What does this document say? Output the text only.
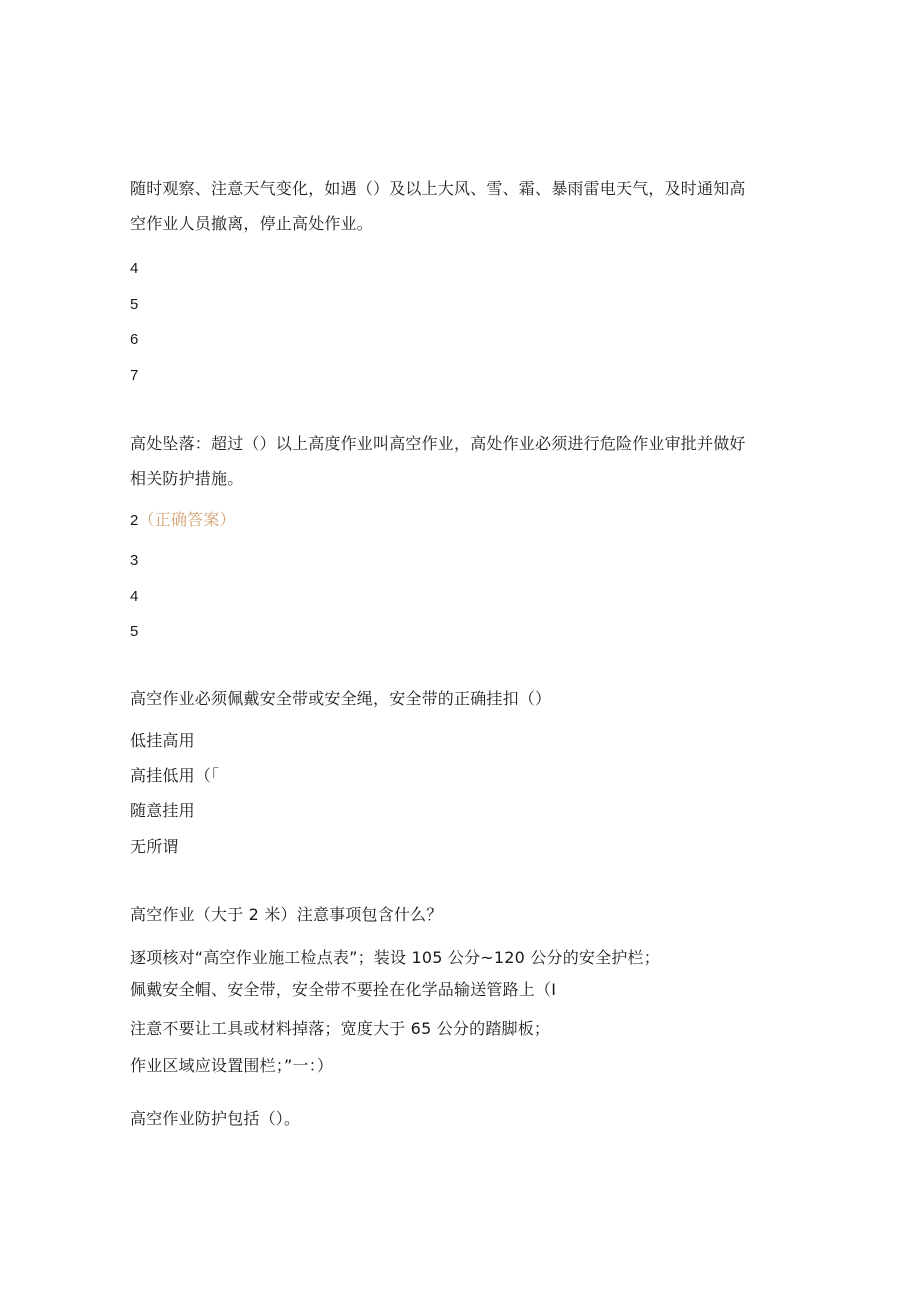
随时观察、注意天气变化，如遇（）及以上大风、雪、霜、暴雨雷电天气，及时通知高
空作业人员撤离，停止高处作业。
4
5
6
7
高处坠落：超过（）以上高度作业叫高空作业，高处作业必须进行危险作业审批并做好
相关防护措施。
2（正确答案）
3
4
5
高空作业必须佩戴安全带或安全绳，安全带的正确挂扣（）
低挂高用
高挂低用（「
随意挂用
无所谓
高空作业（大于 2 米）注意事项包含什么？
逐项核对“高空作业施工检点表”；装设 105 公分~120 公分的安全护栏；
佩戴安全帽、安全带，安全带不要拴在化学品输送管路上（I
注意不要让工具或材料掉落；宽度大于 65 公分的踏脚板；
作业区域应设置围栏；”一：）
高空作业防护包括（）。
